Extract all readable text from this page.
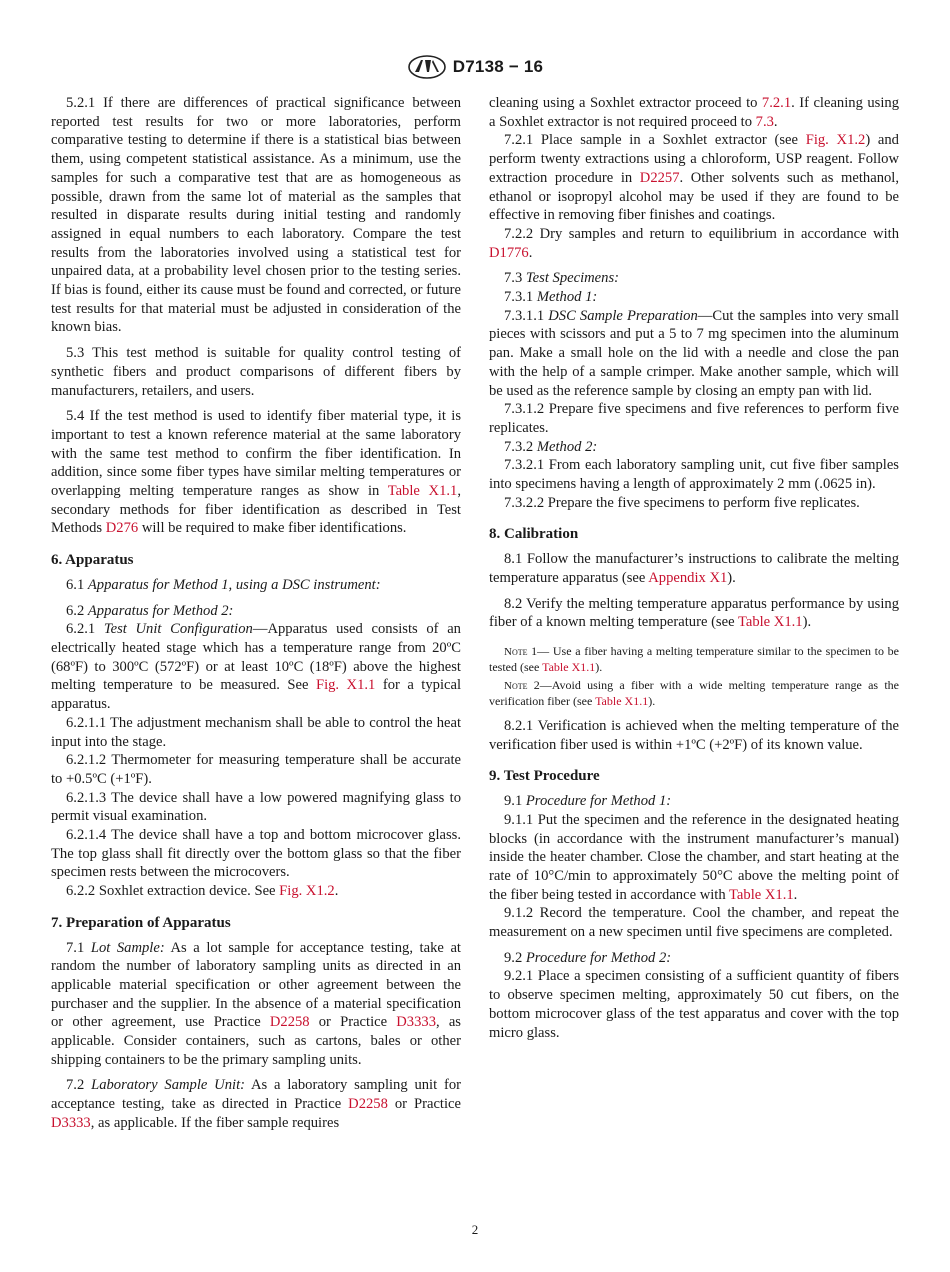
D7138 − 16

5.2.1 If there are differences of practical significance between reported test results for two or more laboratories, perform comparative testing to determine if there is a statistical bias between them, using competent statistical assistance. As a minimum, use the samples for such a comparative test that are as homogeneous as possible, drawn from the same lot of material as the samples that resulted in disparate results during initial testing and randomly assigned in equal numbers to each laboratory. Compare the test results from the laboratories involved using a statistical test for unpaired data, at a probability level chosen prior to the testing series. If bias is found, either its cause must be found and corrected, or future test results for that material must be adjusted in consideration of the known bias.

5.3 This test method is suitable for quality control testing of synthetic fibers and product comparisons of different fibers by manufacturers, retailers, and users.

5.4 If the test method is used to identify fiber material type, it is important to test a known reference material at the same laboratory with the same test method to confirm the fiber identification. In addition, since some fiber types have similar melting temperatures or overlapping melting temperature ranges as show in Table X1.1, secondary methods for fiber identification as described in Test Methods D276 will be required to make fiber identifications.

6. Apparatus

6.1 Apparatus for Method 1, using a DSC instrument:

6.2 Apparatus for Method 2:

6.2.1 Test Unit Configuration—Apparatus used consists of an electrically heated stage which has a temperature range from 20ºC (68ºF) to 300ºC (572ºF) or at least 10ºC (18ºF) above the highest melting temperature to be measured. See Fig. X1.1 for a typical apparatus.

6.2.1.1 The adjustment mechanism shall be able to control the heat input into the stage.

6.2.1.2 Thermometer for measuring temperature shall be accurate to +0.5ºC (+1ºF).

6.2.1.3 The device shall have a low powered magnifying glass to permit visual examination.

6.2.1.4 The device shall have a top and bottom microcover glass. The top glass shall fit directly over the bottom glass so that the fiber specimen rests between the microcovers.

6.2.2 Soxhlet extraction device. See Fig. X1.2.

7. Preparation of Apparatus

7.1 Lot Sample: As a lot sample for acceptance testing, take at random the number of laboratory sampling units as directed in an applicable material specification or other agreement between the purchaser and the supplier. In the absence of a material specification or other agreement, use Practice D2258 or Practice D3333, as applicable. Consider containers, such as cartons, bales or other shipping containers to be the primary sampling units.

7.2 Laboratory Sample Unit: As a laboratory sampling unit for acceptance testing, take as directed in Practice D2258 or Practice D3333, as applicable. If the fiber sample requires

cleaning using a Soxhlet extractor proceed to 7.2.1. If cleaning using a Soxhlet extractor is not required proceed to 7.3.

7.2.1 Place sample in a Soxhlet extractor (see Fig. X1.2) and perform twenty extractions using a chloroform, USP reagent. Follow extraction procedure in D2257. Other solvents such as methanol, ethanol or isopropyl alcohol may be used if they are found to be effective in removing fiber finishes and coatings.

7.2.2 Dry samples and return to equilibrium in accordance with D1776.

7.3 Test Specimens:

7.3.1 Method 1:

7.3.1.1 DSC Sample Preparation—Cut the samples into very small pieces with scissors and put a 5 to 7 mg specimen into the aluminum pan. Make a small hole on the lid with a needle and close the pan with the help of a sample crimper. Make another sample, which will be used as the reference sample by closing an empty pan with lid.

7.3.1.2 Prepare five specimens and five references to perform five replicates.

7.3.2 Method 2:

7.3.2.1 From each laboratory sampling unit, cut five fiber samples into specimens having a length of approximately 2 mm (.0625 in).

7.3.2.2 Prepare the five specimens to perform five replicates.

8. Calibration

8.1 Follow the manufacturer’s instructions to calibrate the melting temperature apparatus (see Appendix X1).

8.2 Verify the melting temperature apparatus performance by using fiber of a known melting temperature (see Table X1.1).

Note 1— Use a fiber having a melting temperature similar to the specimen to be tested (see Table X1.1).

Note 2—Avoid using a fiber with a wide melting temperature range as the verification fiber (see Table X1.1).

8.2.1 Verification is achieved when the melting temperature of the verification fiber used is within +1ºC (+2ºF) of its known value.

9. Test Procedure

9.1 Procedure for Method 1:

9.1.1 Put the specimen and the reference in the designated heating blocks (in accordance with the instrument manufacturer’s manual) inside the heater chamber. Close the chamber, and start heating at the rate of 10°C/min to approximately 50°C above the melting point of the fiber being tested in accordance with Table X1.1.

9.1.2 Record the temperature. Cool the chamber, and repeat the measurement on a new specimen until five specimens are completed.

9.2 Procedure for Method 2:

9.2.1 Place a specimen consisting of a sufficient quantity of fibers to observe specimen melting, approximately 50 cut fibers, on the bottom microcover glass of the test apparatus and cover with the top micro glass.

2
